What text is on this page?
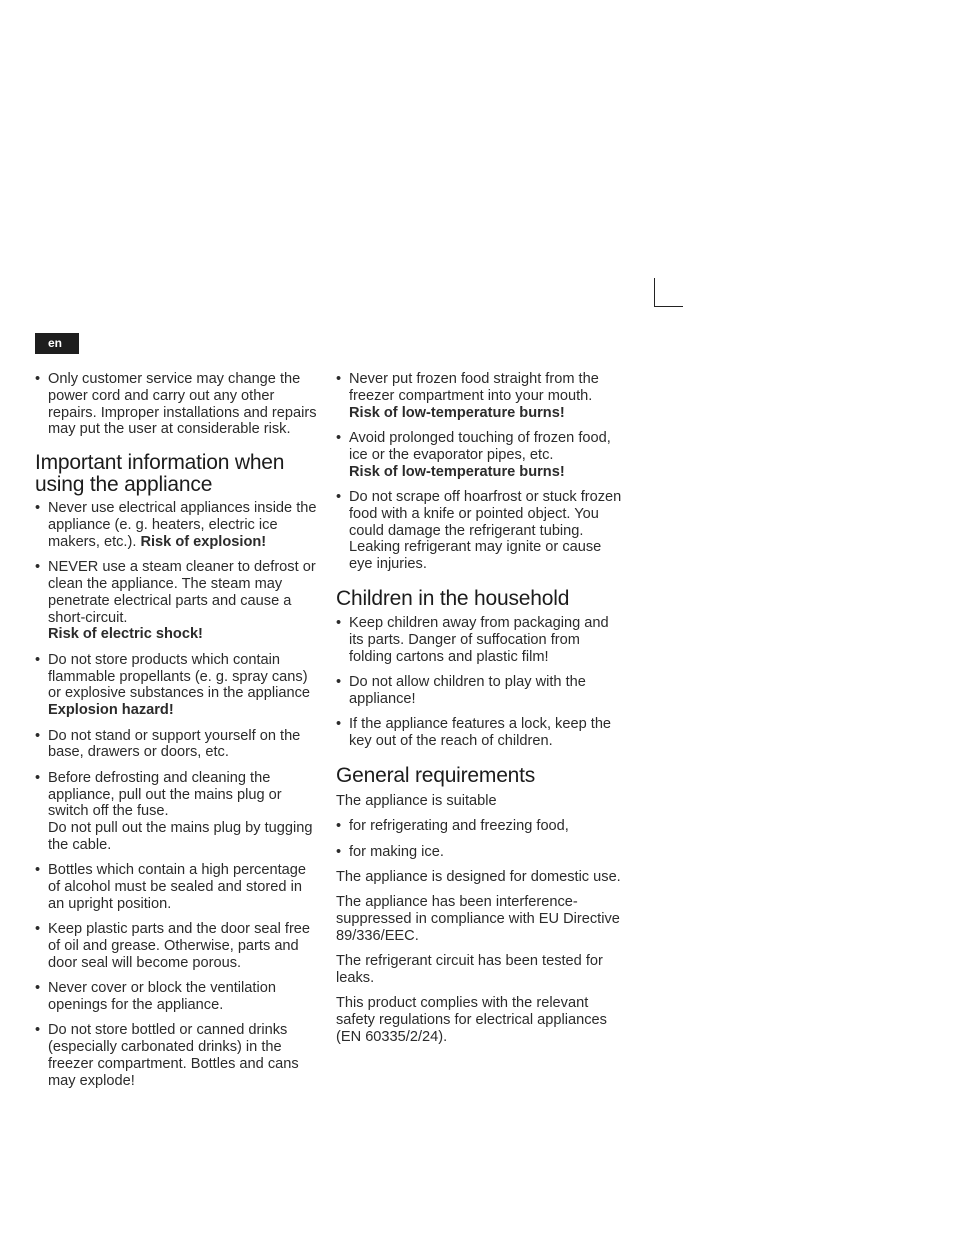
en
• Only customer service may change the power cord and carry out any other repairs. Improper installations and repairs may put the user at considerable risk.
Important information when using the appliance
• Never use electrical appliances inside the appliance (e. g. heaters, electric ice makers, etc.). Risk of explosion!
• NEVER use a steam cleaner to defrost or clean the appliance. The steam may penetrate electrical parts and cause a short-circuit.
Risk of electric shock!
• Do not store products which contain flammable propellants (e. g. spray cans) or explosive substances in the appliance
Explosion hazard!
• Do not stand or support yourself on the base, drawers or doors, etc.
• Before defrosting and cleaning the appliance, pull out the mains plug or switch off the fuse.
Do not pull out the mains plug by tugging the cable.
• Bottles which contain a high percentage of alcohol must be sealed and stored in an upright position.
• Keep plastic parts and the door seal free of oil and grease. Otherwise, parts and door seal will become porous.
• Never cover or block the ventilation openings for the appliance.
• Do not store bottled or canned drinks (especially carbonated drinks) in the freezer compartment. Bottles and cans may explode!
• Never put frozen food straight from the freezer compartment into your mouth.
Risk of low-temperature burns!
• Avoid prolonged touching of frozen food, ice or the evaporator pipes, etc.
Risk of low-temperature burns!
• Do not scrape off hoarfrost or stuck frozen food with a knife or pointed object. You could damage the refrigerant tubing. Leaking refrigerant may ignite or cause eye injuries.
Children in the household
• Keep children away from packaging and its parts. Danger of suffocation from folding cartons and plastic film!
• Do not allow children to play with the appliance!
• If the appliance features a lock, keep the key out of the reach of children.
General requirements

The appliance is suitable

• for refrigerating and freezing food,
• for making ice.

The appliance is designed for domestic use.

The appliance has been interference-suppressed in compliance with EU Directive 89/336/EEC.

The refrigerant circuit has been tested for leaks.

This product complies with the relevant safety regulations for electrical appliances (EN 60335/2/24).
